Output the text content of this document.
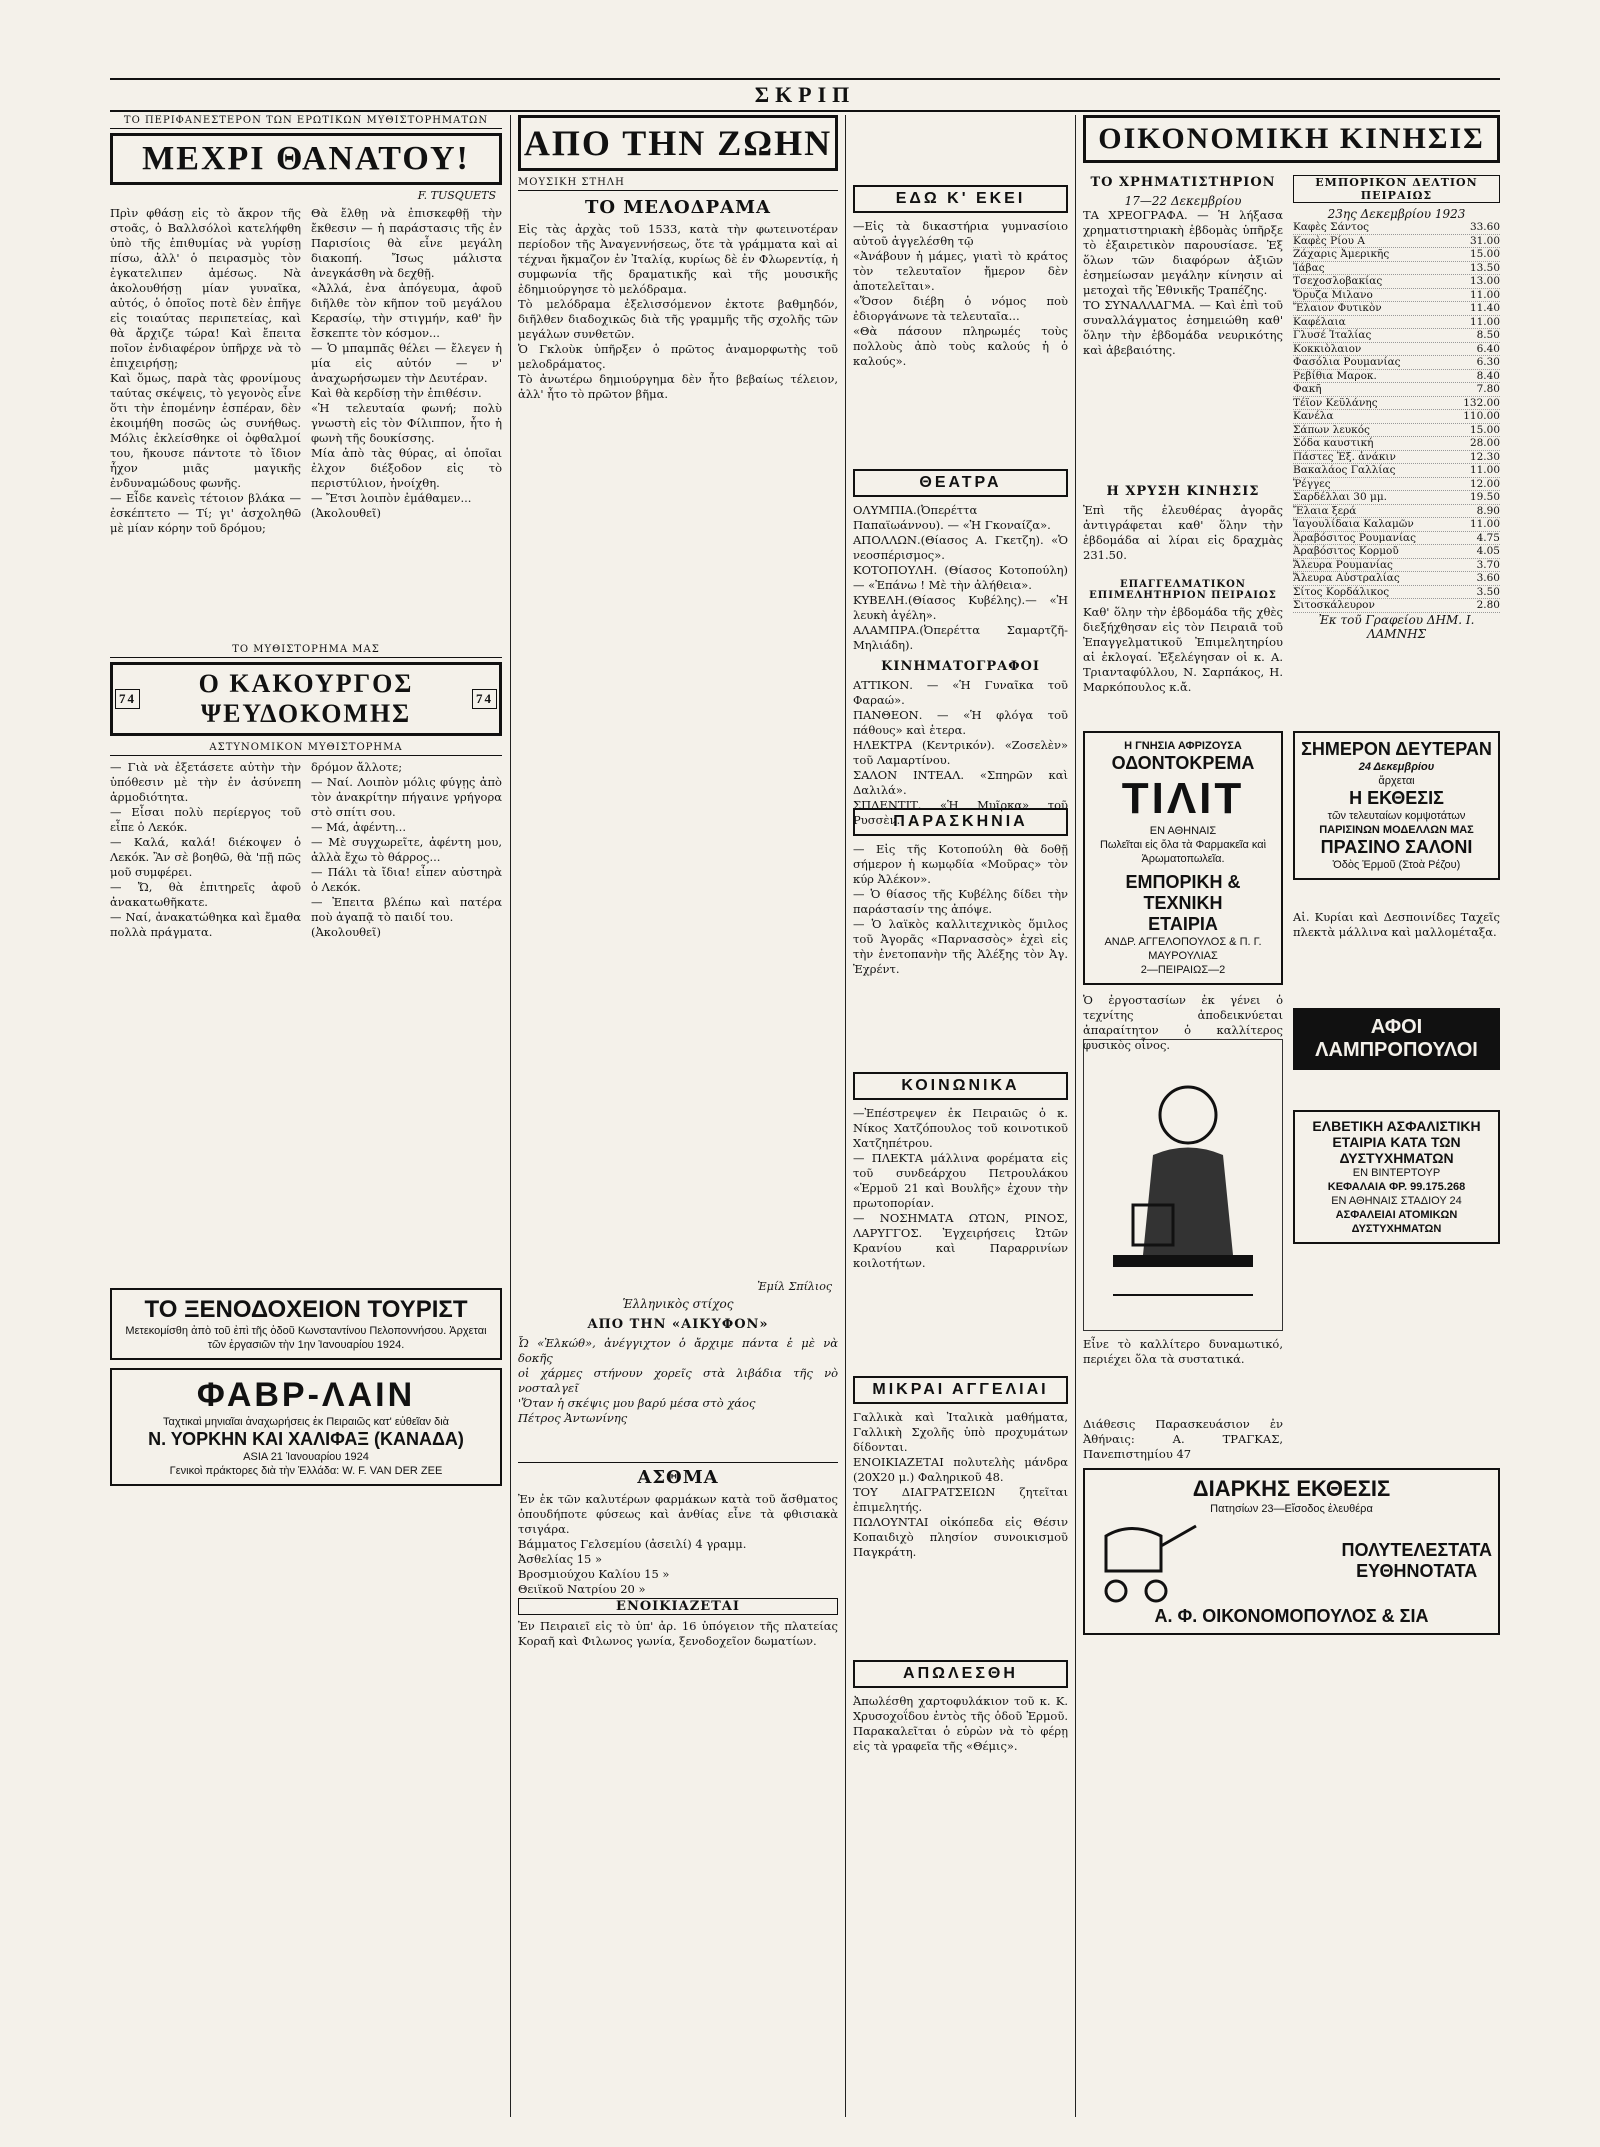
ΣΚΡΙΠ
ΤΟ ΠΕΡΙΦΑΝΕΣΤΕΡΟΝ ΤΩΝ ΕΡΩΤΙΚΩΝ ΜΥΘΙΣΤΟΡΗΜΑΤΩΝ
ΜΕΧΡΙ ΘΑΝΑΤΟΥ!
F. TUSQUETS
Πρὶν φθάσῃ εἰς τὸ ἄκρον τῆς στοᾶς, ὁ Βαλλσόλοὶ κατελήφθη ὑπὸ τῆς ἐπιθυμίας νὰ γυρίσῃ πίσω, ἀλλ' ὁ πειρασμὸς τὸν ἐγκατελιπεν ἀμέσως. Νὰ ἀκολουθήσῃ μίαν γυναῖκα, αὐτός, ὁ ὁποῖος ποτὲ δὲν ἐπῆγε εἰς τοιαύτας περιπετείας, καὶ θὰ ἄρχιζε τώρα! Καὶ ἔπειτα ποῖον ἐνδιαφέρον ὑπῆρχε νὰ τὸ ἐπιχειρήσῃ;
Καὶ ὅμως, παρὰ τὰς φρονίμους ταύτας σκέψεις, τὸ γεγονὸς εἶνε ὅτι τὴν ἐπομένην ἑσπέραν, δὲν ἐκοιμήθη ποσῶς ὡς συνήθως. Μόλις ἐκλείσθηκε οἱ ὀφθαλμοί του, ἤκουσε πάντοτε τὸ ἴδιον ἦχον μιᾶς μαγικῆς ἐνδυναμώδους φωνῆς.
— Εἶδε κανεὶς τέτοιον βλάκα — ἐσκέπτετο — Τί; γι' ἀσχοληθῶ μὲ μίαν κόρην τοῦ δρόμου;
Θὰ ἔλθῃ νὰ ἐπισκεφθῇ τὴν ἔκθεσιν — ἡ παράστασις τῆς ἐν Παρισίοις θὰ εἶνε μεγάλη διακοπή. Ἴσως μάλιστα ἀνεγκάσθη νὰ δεχθῇ.
«Ἀλλά, ἐνα ἀπόγευμα, ἀφοῦ διῆλθε τὸν κῆπον τοῦ μεγάλου Κερασίῳ, τὴν στιγμήν, καθ' ἣν ἔσκεπτε τὸν κόσμον...
— Ὁ μπαμπᾶς θέλει — ἔλεγεν ἡ μία εἰς αὐτόν — ν' ἀναχωρήσωμεν τὴν Δευτέραν.
Καὶ θὰ κερδίσῃ τὴν ἐπιθέσιν.
«Ἡ τελευταία φωνή; πολὺ γνωστὴ εἰς τὸν Φίλιππον, ἦτο ἡ φωνὴ τῆς δουκίσσης.
Μία ἀπὸ τὰς θύρας, αἱ ὁποῖαι ἐλχον διέξοδον εἰς τὸ περιστύλιον, ἠνοίχθη.
— Ἔτσι λοιπὸν ἐμάθαμεν...
(Ἀκολουθεῖ)
ΤΟ ΜΥΘΙΣΤΟΡΗΜΑ ΜΑΣ
74
Ο ΚΑΚΟΥΡΓΟΣ ΨΕΥΔΟΚΟΜΗΣ
74
ΑΣΤΥΝΟΜΙΚΟΝ ΜΥΘΙΣΤΟΡΗΜΑ
— Γιὰ νὰ ἐξετάσετε αὐτὴν τὴν ὑπόθεσιν μὲ τὴν ἐν ἀσύνεπη ἀρμοδιότητα.
— Εἶσαι πολὺ περίεργος τοῦ εἶπε ὁ Λεκόκ.
— Καλά, καλά! διέκοψεν ὁ Λεκόκ. Ἂν σὲ βοηθῶ, θὰ 'πῇ πῶς μοῦ συμφέρει.
— Ὤ, θὰ ἐπιτηρεῖς ἀφοῦ ἀνακατωθῆκατε.
— Ναί, ἀνακατώθηκα καὶ ἔμαθα πολλὰ πράγματα.
δρόμον ἄλλοτε;
— Ναί. Λοιπὸν μόλις φύγῃς ἀπὸ τὸν ἀνακρίτην πήγαινε γρήγορα στὸ σπίτι σου.
— Μά, ἀφέντη...
— Μὲ συγχωρεῖτε, ἀφέντη μου, ἀλλὰ ἔχω τὸ θάρρος...
— Πάλι τὰ ἴδια! εἶπεν αὐστηρὰ ὁ Λεκόκ.
— Ἐπειτα βλέπω καὶ πατέρα ποὺ ἀγαπᾷ τὸ παιδί του.
(Ἀκολουθεῖ)
ΤΟ ΞΕΝΟΔΟΧΕΙΟΝ ΤΟΥΡΙΣΤ
Μετεκομίσθη ἀπὸ τοῦ ἐπὶ τῆς ὁδοῦ Κωνσταντίνου Πελοποννήσου. Ἀρχεται τῶν ἐργασιῶν τὴν 1ην Ἰανουαρίου 1924.
ΦΑΒΡ-ΛΑΙΝ
Ταχτικαὶ μηνιαῖαι ἀναχωρήσεις ἐκ Πειραιῶς κατ' εὐθεῖαν διὰ
Ν. ΥΟΡΚΗΝ ΚΑΙ ΧΑΛΙΦΑΞ (ΚΑΝΑΔΑ)
ASIA 21 Ἰανουαρίου 1924
Γενικοὶ πράκτορες διὰ τὴν Ἑλλάδα: W. F. VAN DER ZEE
ΑΠΟ ΤΗΝ ΖΩΗΝ
ΜΟΥΣΙΚΗ ΣΤΗΛΗ
ΤΟ ΜΕΛΟΔΡΑΜΑ
Εἰς τὰς ἀρχὰς τοῦ 1533, κατὰ τὴν φωτεινοτέραν περίοδον τῆς Ἀναγεννήσεως, ὅτε τὰ γράμματα καὶ αἱ τέχναι ἤκμαζον ἐν Ἰταλίᾳ, κυρίως δὲ ἐν Φλωρεντίᾳ, ἡ συμφωνία τῆς δραματικῆς καὶ τῆς μουσικῆς ἐδημιούργησε τὸ μελόδραμα.
Τὸ μελόδραμα ἐξελισσόμενον ἐκτοτε βαθμηδόν, διῆλθεν διαδοχικῶς διὰ τῆς γραμμῆς τῆς σχολῆς τῶν μεγάλων συνθετῶν.
Ὁ Γκλοὺκ ὑπῆρξεν ὁ πρῶτος ἀναμορφωτὴς τοῦ μελοδράματος.
Τὸ ἀνωτέρω δημιούργημα δὲν ἦτο βεβαίως τέλειον, ἀλλ' ἦτο τὸ πρῶτον βῆμα.
Ἐμίλ Σπίλιος
Ἑλληνικὸς στίχος
ΑΠΟ ΤΗΝ «ΑΙΚΥΦΟΝ»
Ὦ «Ἐλκώθ», ἀνέγγιχτον ὁ ἄρχιμε πάντα ἐ μὲ νὰ δοκῆς
οἱ χάρμες στήνουν χορεῖς στὰ λιβάδια τῆς νὸ νοσταλγεῖ
'Ὅταν ἡ σκέψις μου βαρύ μέσα στὸ χάος
Πέτρος Ἀντωνίνης
ΑΣΘΜΑ
Ἐν ἐκ τῶν καλυτέρων φαρμάκων κατὰ τοῦ ἄσθματος ὁπουδήποτε φύσεως καὶ ἀνθίας εἶνε τὰ φθισιακὰ τσιγάρα.
Βάμματος Γελσεμίου (ἀσειλί) 4 γραμμ.
Ἀσθελίας 15 »
Βροσμιούχου Καλίου 15 »
Θειϊκοῦ Νατρίου 20 »
ΕΝΟΙΚΙΑΖΕΤΑΙ
Ἐν Πειραιεῖ εἰς τὸ ὑπ' ἀρ. 16 ὑπόγειον τῆς πλατείας Κοραῆ καὶ Φιλωνος γωνία, ξενοδοχεῖον δωματίων.
ΕΔΩ Κ' ΕΚΕΙ
—Εἰς τὰ δικαστήρια γυμνασίοιο αὐτοῦ ἀγγελέσθη τῷ
«Ἀνάβουν ἡ μάμες, γιατὶ τὸ κράτος τὸν τελευταῖον ἤμερον δὲν ἀποτελεῖται».
«Ὅσον διέβη ὁ νόμος ποὺ ἐδιοργάνωνε τὰ τελευταῖα...
«Θὰ πάσουν πληρωμές τοὺς πολλοὺς ἀπὸ τοὺς καλούς ἡ ὁ καλούς».
ΘΕΑΤΡΑ
ΟΛΥΜΠΙΑ.(Ὀπερέττα Παπαϊωάννου). — «Ἡ Γκοναίζα».
ΑΠΟΛΛΩΝ.(Θίασος Α. Γκετζη). «Ὁ νεοσπέρισμος».
ΚΟΤΟΠΟΥΛΗ. (Θίασος Κοτοπούλη) — «Ἐπάνω ! Μὲ τὴν ἀλήθεια».
ΚΥΒΕΛΗ.(Θίασος Κυβέλης).— «Ἡ λευκὴ ἀγέλη».
ΑΛΑΜΠΡΑ.(Ὀπερέττα Σαμαρτζῆ-Μηλιάδη).
ΚΙΝΗΜΑΤΟΓΡΑΦΟΙ
ΑΤΤΙΚΟΝ. — «Ἡ Γυναῖκα τοῦ Φαραώ».
ΠΑΝΘΕΟΝ. — «Ἡ φλόγα τοῦ πάθους» καὶ ἑτερα.
ΗΛΕΚΤΡΑ (Κεντρικόν). «Ζοσελὲν» τοῦ Λαμαρτίνου.
ΣΑΛΟΝ ΙΝΤΕΑΛ. «Σπηρῶν καὶ Δαλιλά».
ΣΠΛΕΝΤΙΤ. «Ἡ Μυῖρκα» τοῦ Ρυσσὲν.
ΠΑΡΑΣΚΗΝΙΑ
— Εἰς τῆς Κοτοπούλη θὰ δοθῇ σήμερον ἡ κωμῳδία «Μοῦρας» τὸν κύρ Ἀλέκον».
— Ὁ θίασος τῆς Κυβέλης δίδει τὴν παράστασίν της ἀπόψε.
— Ὁ λαϊκὸς καλλιτεχνικὸς ὅμιλος τοῦ Ἀγορᾶς «Παρνασσὸς» ἐχεὶ εἰς τὴν ἐνετοπανὴν τῆς Ἀλέξης τὸν Ἀγ. Ἐχρέντ.
ΚΟΙΝΩΝΙΚΑ
—Ἐπέστρεψεν ἐκ Πειραιῶς ὁ κ. Νίκος Χατζόπουλος τοῦ κοινοτικοῦ Χατζηπέτρου.
— ΠΛΕΚΤΑ μάλλινα φορέματα εἰς τοῦ συνδεάρχου Πετρουλάκου «Ἑρμοῦ 21 καὶ Βουλῆς» ἐχουν τὴν πρωτοπορίαν.
— ΝΟΣΗΜΑΤΑ ΩΤΩΝ, ΡΙΝΟΣ, ΛΑΡΥΓΓΟΣ. Ἐγχειρήσεις Ὠτῶν Κρανίου καὶ Παραρρινίων κοιλοτήτων.
ΜΙΚΡΑΙ ΑΓΓΕΛΙΑΙ
Γαλλικὰ καὶ Ἰταλικὰ μαθήματα, Γαλλικὴ Σχολῆς ὑπὸ προχυμάτων δίδονται.
ΕΝΟΙΚΙΑΖΕΤΑΙ πολυτελὴς μάνδρα (20Χ20 μ.) Φαληρικοῦ 48.
ΤΟΥ ΔΙΑΓΡΑΤΣΕΙΩΝ ζητεῖται ἐπιμελητής.
ΠΩΛΟΥΝΤΑΙ οἰκόπεδα εἰς Θέσιν Κοπαιδιχὸ πλησίον συνοικισμοῦ Παγκράτη.
ΑΠΩΛΕΣΘΗ
Ἀπωλέσθη χαρτοφυλάκιον τοῦ κ. Κ. Χρυσοχοΐδου ἐντὸς τῆς ὁδοῦ Ἑρμοῦ. Παρακαλεῖται ὁ εὑρὼν νὰ τὸ φέρῃ εἰς τὰ γραφεῖα τῆς «Θέμις».
ΟΙΚΟΝΟΜΙΚΗ ΚΙΝΗΣΙΣ
ΤΟ ΧΡΗΜΑΤΙΣΤΗΡΙΟΝ
17—22 Δεκεμβρίου
ΤΑ ΧΡΕΟΓΡΑΦΑ. — Ἡ λήξασα χρηματιστηριακὴ ἑβδομὰς ὑπῆρξε τὸ ἐξαιρετικὸν παρουσίασε. Ἐξ ὅλων τῶν διαφόρων ἀξιῶν ἐσημείωσαν μεγάλην κίνησιν αἱ μετοχαὶ τῆς Ἐθνικῆς Τραπέζης.
ΤΟ ΣΥΝΑΛΛΑΓΜΑ. — Καὶ ἐπὶ τοῦ συναλλάγματος ἐσημειώθη καθ' ὅλην τὴν ἑβδομάδα νευρικότης καὶ ἀβεβαιότης.
Η ΧΡΥΣΗ ΚΙΝΗΣΙΣ
Ἐπὶ τῆς ἐλευθέρας ἀγορᾶς ἀντιγράφεται καθ' ὅλην τὴν ἑβδομάδα αἱ λίραι εἰς δραχμὰς 231.50.
ΕΠΑΓΓΕΛΜΑΤΙΚΟΝ ΕΠΙΜΕΛΗΤΗΡΙΟΝ ΠΕΙΡΑΙΩΣ
Καθ' ὅλην τὴν ἑβδομάδα τῆς χθὲς διεξήχθησαν εἰς τὸν Πειραιᾶ τοῦ Ἐπαγγελματικοῦ Ἐπιμελητηρίου αἱ ἐκλογαί. Ἐξελέγησαν οἱ κ. Α. Τριανταφύλλου, Ν. Σαρπάκος, Η. Μαρκόπουλος κ.ἄ.
ΕΜΠΟΡΙΚΟΝ ΔΕΛΤΙΟΝ ΠΕΙΡΑΙΩΣ
23ης Δεκεμβρίου 1923
Καφὲς Σάντος	33.60
Καφὲς Ρίου Α	31.00
Ζάχαρις Ἀμερικῆς	15.00
Ἰάβας	13.50
Τσεχοσλοβακίας	13.00
Ὄρυζα Μιλανο	11.00
Ἔλαιον Φυτικὸν	11.40
Καφέλαια	11.00
Γλυσέ Ἰταλίας	8.50
Κοκκιὸλαιον	6.40
Φασόλια Ρουμανίας	6.30
Ρεβίθια Μαροκ.	8.40
Φακῆ	7.80
Τέϊον Κεϋλάνης	132.00
Κανέλα	110.00
Σάπων λευκός	15.00
Σόδα καυστική	28.00
Πάστες Ἐξ. ἀνάκιν	12.30
Βακαλάος Γαλλίας	11.00
Ῥέγγες	12.00
Σαρδέλλαι 30 μμ.	19.50
Ἔλαια ξερά	8.90
Ἰαγουλίδαια Καλαμῶν	11.00
Ἀραβόσιτος Ρουμανίας	4.75
Ἀραβόσιτος Κορμοῦ	4.05
Ἄλευρα Ρουμανίας	3.70
Ἄλευρα Αὐστραλίας	3.60
Σίτος Κορδάλικος	3.50
Σιτοσκάλευρον	2.80
Ἐκ τοῦ Γραφείου ΔΗΜ. Ι. ΛΑΜΝΗΣ
Η ΓΝΗΣΙΑ ΑΦΡΙΖΟΥΣΑ
ΟΔΟΝΤΟΚΡΕΜΑ
ΤΙΛΙΤ
ΕΝ ΑΘΗΝΑΙΣ
Πωλεῖται εἰς ὅλα τὰ Φαρμακεῖα καὶ Ἀρωματοπωλεῖα.
ΕΜΠΟΡΙΚΗ & ΤΕΧΝΙΚΗ
ΕΤΑΙΡΙΑ
ΑΝΔΡ. ΑΓΓΕΛΟΠΟΥΛΟΣ & Π. Γ. ΜΑΥΡΟΥΛΙΑΣ
2—ΠΕΙΡΑΙΩΣ—2
Ὁ ἐργοστασίων ἐκ γένει ὁ τεχνίτης ἀποδεικνύεται ἀπαραίτητον ὁ καλλίτερος φυσικὸς οἶνος.
Εἶνε τὸ καλλίτερο δυναμωτικό, περιέχει ὅλα τὰ συστατικά.
Διάθεσις Παρασκευάσιον ἐν Ἀθήναις: Α. ΤΡΑΓΚΑΣ, Πανεπιστημίου 47
ΣΗΜΕΡΟΝ ΔΕΥΤΕΡΑΝ
24 Δεκεμβρίου
ἄρχεται
Η ΕΚΘΕΣΙΣ
τῶν τελευταίων κομψοτάτων
ΠΑΡΙΣΙΝΩΝ ΜΟΔΕΛΛΩΝ ΜΑΣ
ΠΡΑΣΙΝΟ ΣΑΛΟΝΙ
Ὁδὸς Ἑρμοῦ (Στοὰ Ρέζου)
Αἰ. Κυρίαι καὶ Δεσποινίδες Ταχεῖς πλεκτὰ μάλλινα καὶ μαλλομέταξα.
ΑΦΟΙ ΛΑΜΠΡΟΠΟΥΛΟΙ
ΕΛΒΕΤΙΚΗ ΑΣΦΑΛΙΣΤΙΚΗ ΕΤΑΙΡΙΑ ΚΑΤΑ ΤΩΝ ΔΥΣΤΥΧΗΜΑΤΩΝ
ΕΝ ΒΙΝΤΕΡΤΟΥΡ
ΚΕΦΑΛΑΙΑ ΦΡ. 99.175.268
ΕΝ ΑΘΗΝΑΙΣ ΣΤΑΔΙΟΥ 24
ΑΣΦΑΛΕΙΑΙ ΑΤΟΜΙΚΩΝ ΔΥΣΤΥΧΗΜΑΤΩΝ
ΔΙΑΡΚΗΣ ΕΚΘΕΣΙΣ
Πατησίων 23—Εἴσοδος ἐλευθέρα
ΠΟΛΥΤΕΛΕΣΤΑΤΑ
ΕΥΘΗΝΟΤΑΤΑ
Α. Φ. ΟΙΚΟΝΟΜΟΠΟΥΛΟΣ & ΣΙΑ
